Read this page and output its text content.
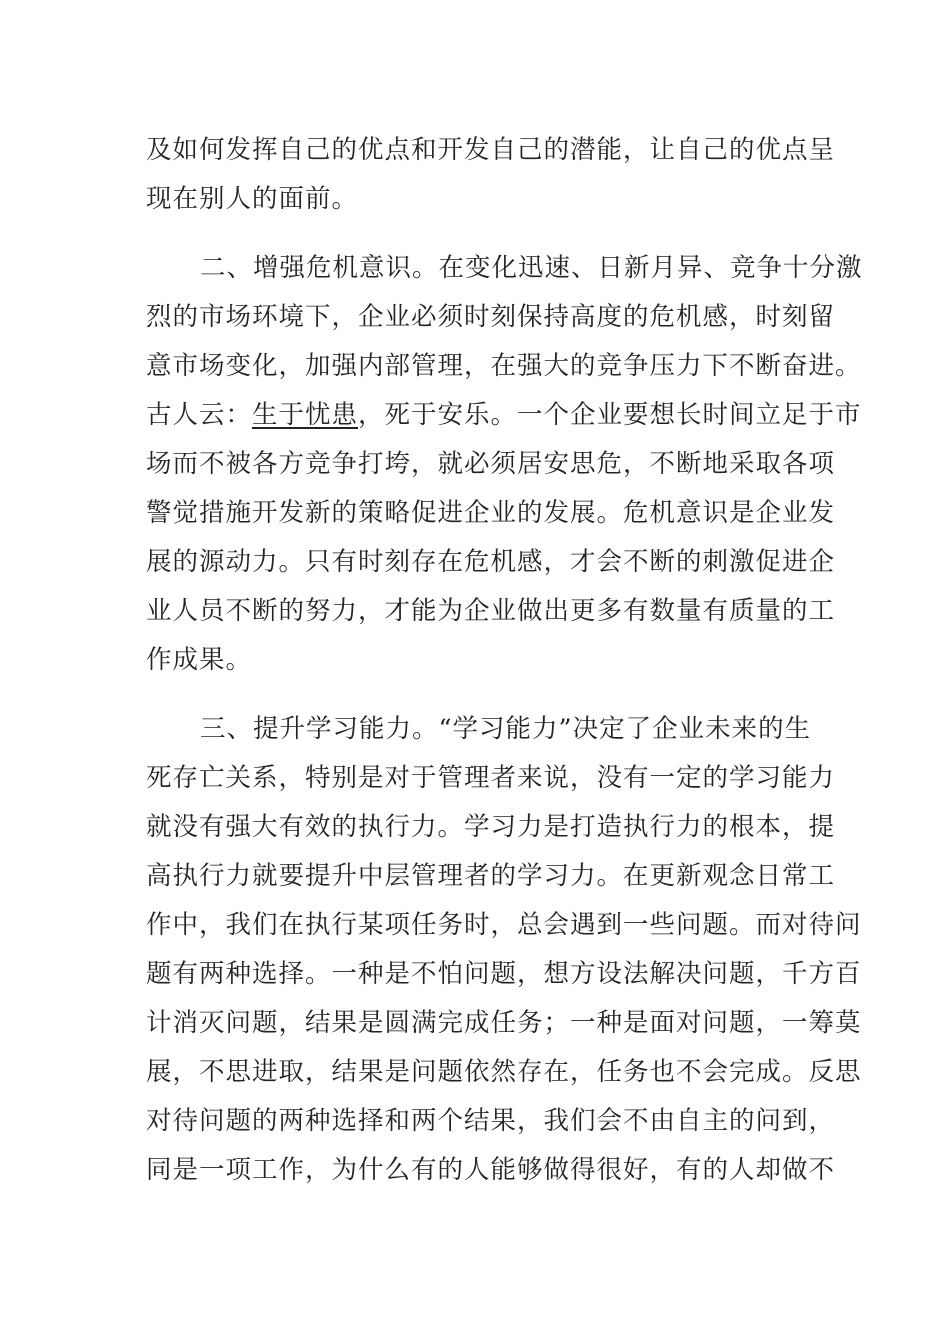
及如何发挥自己的优点和开发自己的潜能，让自己的优点呈
现在别人的面前。
二、增强危机意识。在变化迅速、日新月异、竞争十分激
烈的市场环境下，企业必须时刻保持高度的危机感，时刻留
意市场变化，加强内部管理，在强大的竞争压力下不断奋进。
古人云：生于忧患，死于安乐。一个企业要想长时间立足于市
场而不被各方竞争打垮，就必须居安思危，不断地采取各项
警觉措施开发新的策略促进企业的发展。危机意识是企业发
展的源动力。只有时刻存在危机感，才会不断的刺激促进企
业人员不断的努力，才能为企业做出更多有数量有质量的工
作成果。
三、提升学习能力。“学习能力”决定了企业未来的生
死存亡关系，特别是对于管理者来说，没有一定的学习能力
就没有强大有效的执行力。学习力是打造执行力的根本，提
高执行力就要提升中层管理者的学习力。在更新观念日常工
作中，我们在执行某项任务时，总会遇到一些问题。而对待问
题有两种选择。一种是不怕问题，想方设法解决问题，千方百
计消灭问题，结果是圆满完成任务；一种是面对问题，一筹莫
展，不思进取，结果是问题依然存在，任务也不会完成。反思
对待问题的两种选择和两个结果，我们会不由自主的问到，
同是一项工作，为什么有的人能够做得很好，有的人却做不
